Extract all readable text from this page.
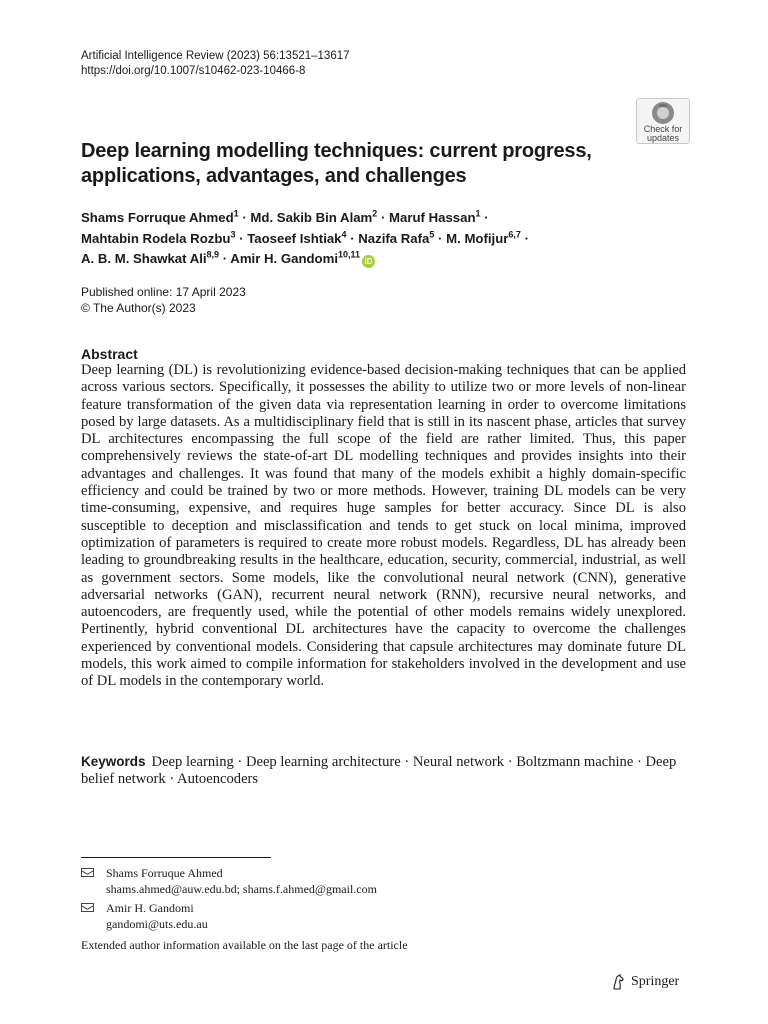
Artificial Intelligence Review (2023) 56:13521–13617
https://doi.org/10.1007/s10462-023-10466-8
Check for
updates
Deep learning modelling techniques: current progress,
applications, advantages, and challenges
Shams Forruque Ahmed$^1$ · Md. Sakib Bin Alam$^2$ · Maruf Hassan$^1$ ·
Mahtabin Rodela Rozbu$^3$ · Taoseef Ishtiak$^4$ · Nazifa Rafa$^5$ · M. Mofijur$^{6,7}$ ·
A. B. M. Shawkat Ali$^{8,9}$ · Amir H. Gandomi$^{10,11}$iD
Published online: 17 April 2023
© The Author(s) 2023
Abstract
Deep learning (DL) is revolutionizing evidence-based decision-making techniques that can be applied across various sectors. Specifically, it possesses the ability to utilize two or more levels of non-linear feature transformation of the given data via representation learning in order to overcome limitations posed by large datasets. As a multidisciplinary field that is still in its nascent phase, articles that survey DL architectures encompassing the full scope of the field are rather limited. Thus, this paper comprehensively reviews the state-of-art DL modelling techniques and provides insights into their advantages and challenges. It was found that many of the models exhibit a highly domain-specific efficiency and could be trained by two or more methods. However, training DL models can be very time-consuming, expensive, and requires huge samples for better accuracy. Since DL is also susceptible to deception and misclassification and tends to get stuck on local minima, improved optimization of parameters is required to create more robust models. Regardless, DL has already been leading to groundbreaking results in the healthcare, education, security, commercial, industrial, as well as government sectors. Some models, like the convolutional neural network (CNN), generative adversarial networks (GAN), recurrent neural network (RNN), recursive neural networks, and autoencoders, are frequently used, while the potential of other models remains widely unexplored. Pertinently, hybrid conventional DL architectures have the capacity to overcome the challenges experienced by conventional models. Considering that capsule architectures may dominate future DL models, this work aimed to compile information for stakeholders involved in the development and use of DL models in the contemporary world.
Keywords Deep learning · Deep learning architecture · Neural network · Boltzmann machine · Deep belief network · Autoencoders
Shams Forruque Ahmed
shams.ahmed@auw.edu.bd; shams.f.ahmed@gmail.com
Amir H. Gandomi
gandomi@uts.edu.au
Extended author information available on the last page of the article
Springer
